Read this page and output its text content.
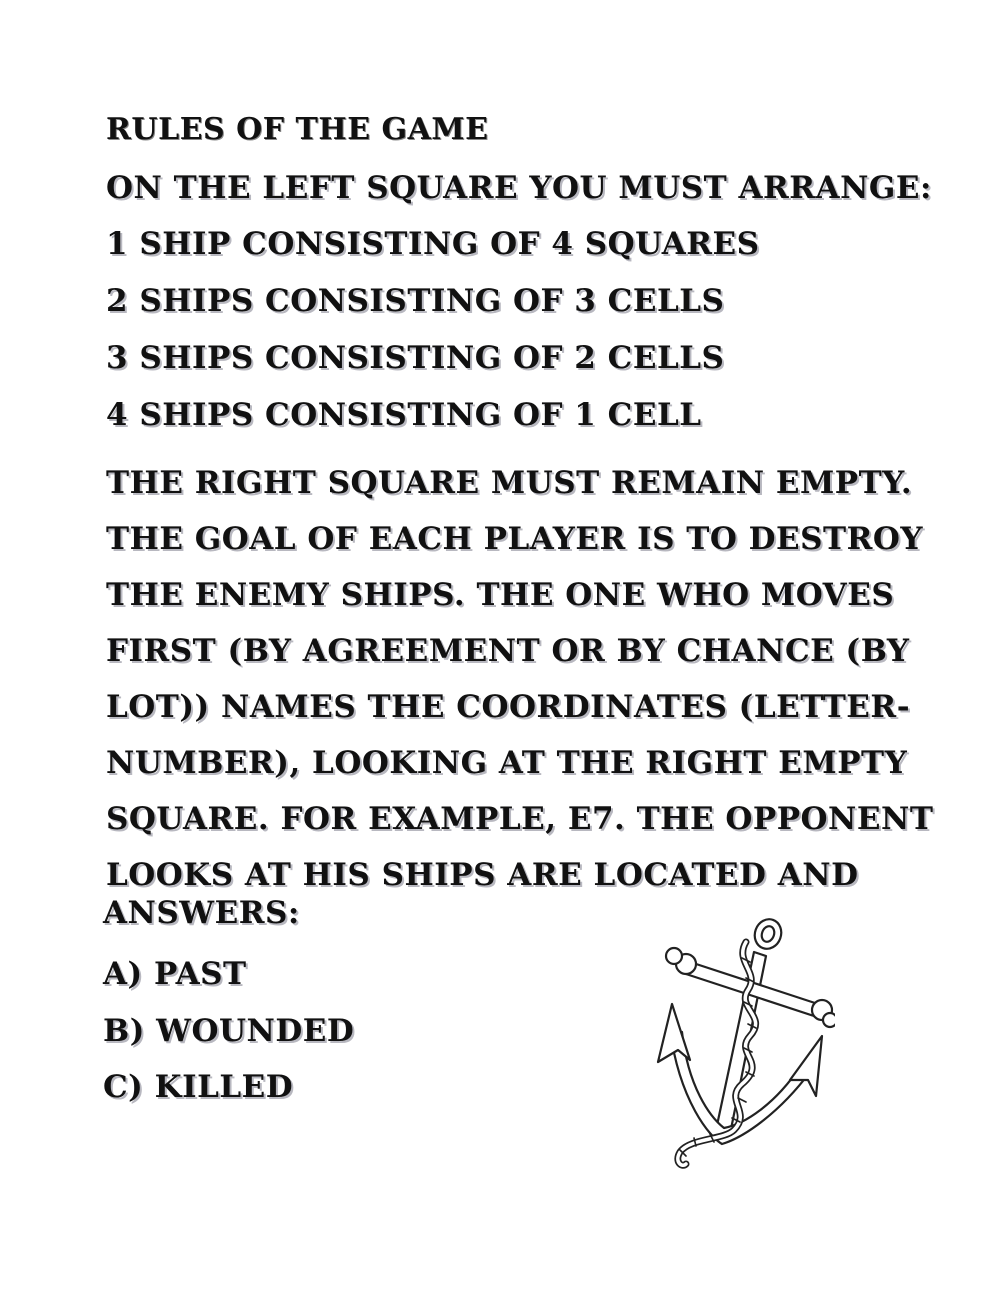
RULES OF THE GAME

ON THE LEFT SQUARE YOU MUST ARRANGE:

1 SHIP CONSISTING OF 4 SQUARES

2 SHIPS CONSISTING OF 3 CELLS

3 SHIPS CONSISTING OF 2 CELLS

4 SHIPS CONSISTING OF 1 CELL

THE RIGHT SQUARE MUST REMAIN EMPTY.

THE GOAL OF EACH PLAYER IS TO DESTROY

THE ENEMY SHIPS. THE ONE WHO MOVES

FIRST (BY AGREEMENT OR BY CHANCE (BY

LOT)) NAMES THE COORDINATES (LETTER-

NUMBER), LOOKING AT THE RIGHT EMPTY

SQUARE. FOR EXAMPLE, E7. THE OPPONENT

LOOKS AT HIS SHIPS ARE LOCATED AND

ANSWERS:

A) PAST

B) WOUNDED

C) KILLED
